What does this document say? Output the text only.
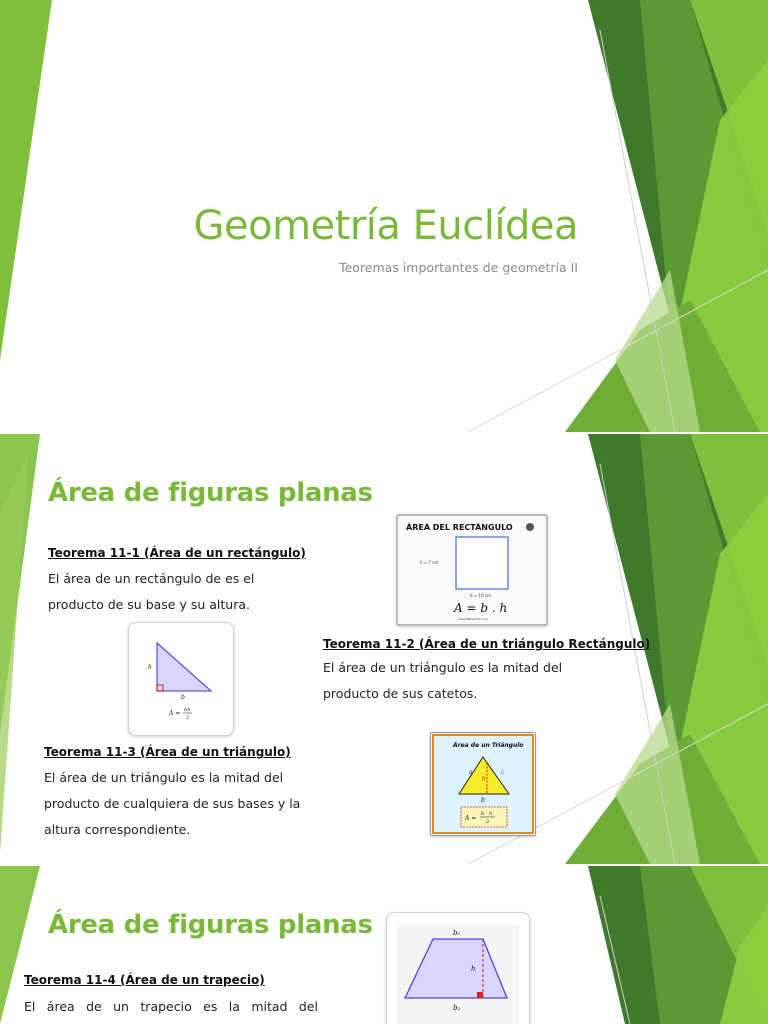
Geometría Euclídea
Teoremas importantes de geometría II
Área de figuras planas
Teorema 11-1 (Área de un rectángulo)
El área de un rectángulo de es el
producto de su base y su altura.
ÁREA DEL RECTÁNGULO
h = 7 cm
b = 10 cm
A = b . h
www.MEfacilito.com
h
b
A = bh
2
Teorema 11-2 (Área de un triángulo Rectángulo)
El área de un triángulo es la mitad del
producto de sus catetos.
Teorema 11-3 (Área de un triángulo)
El área de un triángulo es la mitad del
producto de cualquiera de sus bases y la
altura correspondiente.
Área de un Triángulo
a	c
h
b
A =
b · h
2
Área de figuras planas
Teorema 11-4 (Área de un trapecio)
El área de un trapecio es la mitad del
b₁
h
b₂
